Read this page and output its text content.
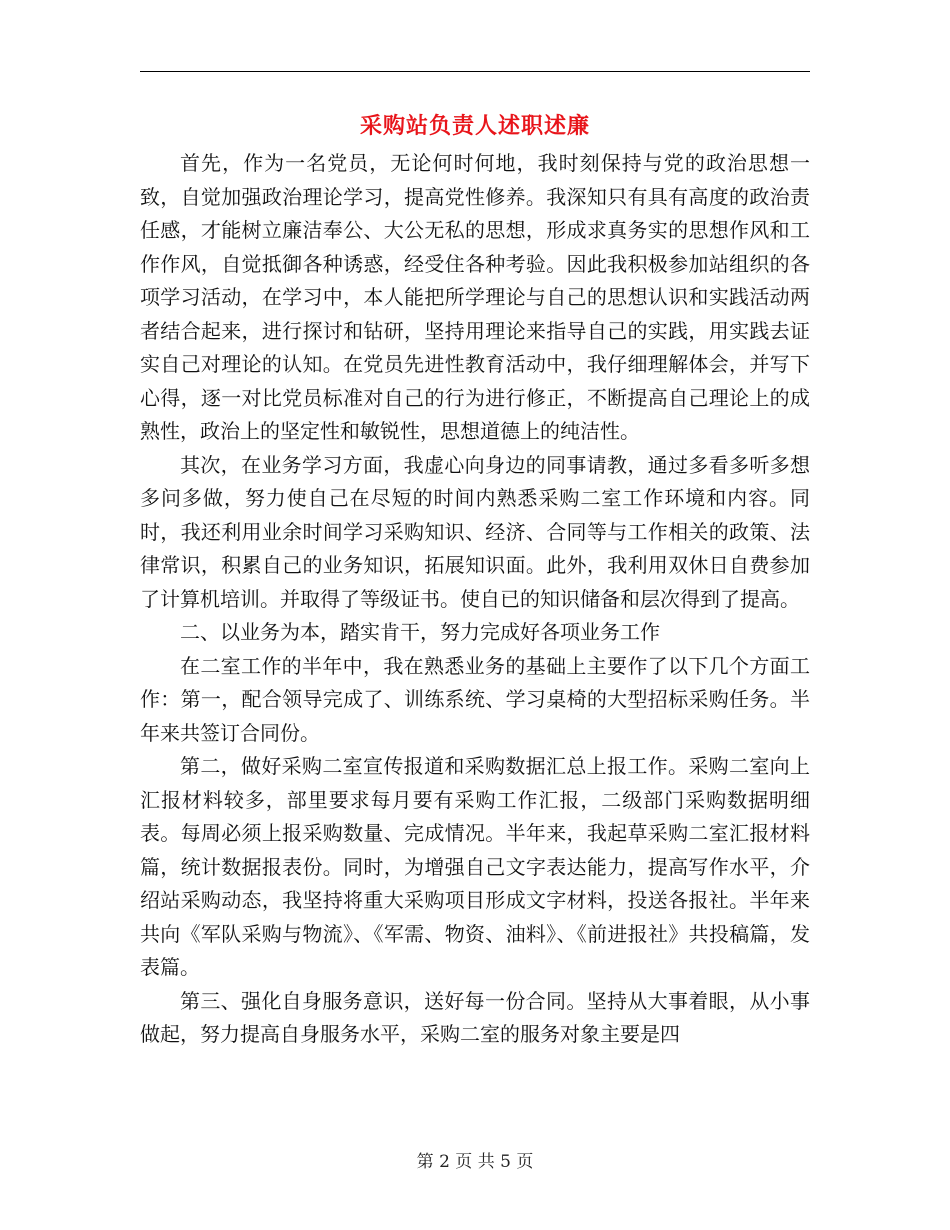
采购站负责人述职述廉

首先，作为一名党员，无论何时何地，我时刻保持与党的政治思想一致，自觉加强政治理论学习，提高党性修养。我深知只有具有高度的政治责任感，才能树立廉洁奉公、大公无私的思想，形成求真务实的思想作风和工作作风，自觉抵御各种诱惑，经受住各种考验。因此我积极参加站组织的各项学习活动，在学习中，本人能把所学理论与自己的思想认识和实践活动两者结合起来，进行探讨和钻研，坚持用理论来指导自己的实践，用实践去证实自己对理论的认知。在党员先进性教育活动中，我仔细理解体会，并写下心得，逐一对比党员标准对自己的行为进行修正，不断提高自己理论上的成熟性，政治上的坚定性和敏锐性，思想道德上的纯洁性。

其次，在业务学习方面，我虚心向身边的同事请教，通过多看多听多想多问多做，努力使自己在尽短的时间内熟悉采购二室工作环境和内容。同时，我还利用业余时间学习采购知识、经济、合同等与工作相关的政策、法律常识，积累自己的业务知识，拓展知识面。此外，我利用双休日自费参加了计算机培训。并取得了等级证书。使自已的知识储备和层次得到了提高。

二、以业务为本，踏实肯干，努力完成好各项业务工作

在二室工作的半年中，我在熟悉业务的基础上主要作了以下几个方面工作：第一，配合领导完成了、训练系统、学习桌椅的大型招标采购任务。半年来共签订合同份。

第二，做好采购二室宣传报道和采购数据汇总上报工作。采购二室向上汇报材料较多，部里要求每月要有采购工作汇报，二级部门采购数据明细表。每周必须上报采购数量、完成情况。半年来，我起草采购二室汇报材料篇，统计数据报表份。同时，为增强自己文字表达能力，提高写作水平，介绍站采购动态，我坚持将重大采购项目形成文字材料，投送各报社。半年来共向《军队采购与物流》、《军需、物资、油料》、《前进报社》共投稿篇，发表篇。

第三、强化自身服务意识，送好每一份合同。坚持从大事着眼，从小事做起，努力提高自身服务水平，采购二室的服务对象主要是四

第 2 页 共 5 页
